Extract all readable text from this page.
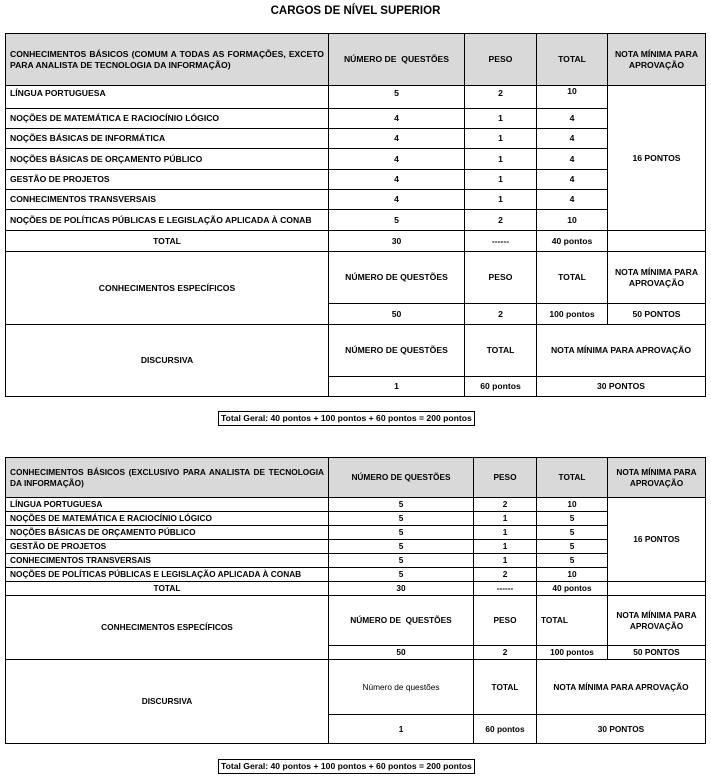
CARGOS DE NÍVEL SUPERIOR
CONHECIMENTOS BÁSICOS (COMUM A TODAS AS FORMAÇÕES, EXCETO PARA ANALISTA DE TECNOLOGIA DA INFORMAÇÃO)	NÚMERO DE  QUESTÕES	PESO	TOTAL	NOTA MÍNIMA PARA APROVAÇÃO
LÍNGUA PORTUGUESA	5	2	10	16 PONTOS
NOÇÕES DE MATEMÁTICA E RACIOCÍNIO LÓGICO	4	1	4	
NOÇÕES BÁSICAS DE INFORMÁTICA	4	1	4	
NOÇÕES BÁSICAS DE ORÇAMENTO PÚBLICO	4	1	4	
GESTÃO DE PROJETOS	4	1	4	
CONHECIMENTOS TRANSVERSAIS	4	1	4	
NOÇÕES DE POLÍTICAS PÚBLICAS E LEGISLAÇÃO APLICADA À CONAB	5	2	10	
TOTAL	30	------	40 pontos	
CONHECIMENTOS ESPECÍFICOS	NÚMERO DE QUESTÕES	PESO	TOTAL	NOTA MÍNIMA PARA APROVAÇÃO
	50	2	100 pontos	50 PONTOS
DISCURSIVA	NÚMERO DE QUESTÕES	TOTAL	NOTA MÍNIMA PARA APROVAÇÃO	
	1	60 pontos	30 PONTOS	
Total Geral: 40 pontos + 100 pontos + 60 pontos = 200 pontos
CONHECIMENTOS BÁSICOS (EXCLUSIVO PARA ANALISTA DE TECNOLOGIA DA INFORMAÇÃO)	NÚMERO DE QUESTÕES	PESO	TOTAL	NOTA MÍNIMA PARA APROVAÇÃO
LÍNGUA PORTUGUESA	5	2	10	16 PONTOS
NOÇÕES DE MATEMÁTICA E RACIOCÍNIO LÓGICO	5	1	5	
NOÇÕES BÁSICAS DE ORÇAMENTO PÚBLICO	5	1	5	
GESTÃO DE PROJETOS	5	1	5	
CONHECIMENTOS TRANSVERSAIS	5	1	5	
NOÇÕES DE POLÍTICAS PÚBLICAS E LEGISLAÇÃO APLICADA À CONAB	5	2	10	
TOTAL	30	------	40 pontos	
CONHECIMENTOS ESPECÍFICOS	NÚMERO DE  QUESTÕES	PESO	TOTAL	NOTA MÍNIMA PARA APROVAÇÃO
	50	2	100 pontos	50 PONTOS
DISCURSIVA	Número de questões	TOTAL	NOTA MÍNIMA PARA APROVAÇÃO	
	1	60 pontos	30 PONTOS	
Total Geral: 40 pontos + 100 pontos + 60 pontos = 200 pontos
